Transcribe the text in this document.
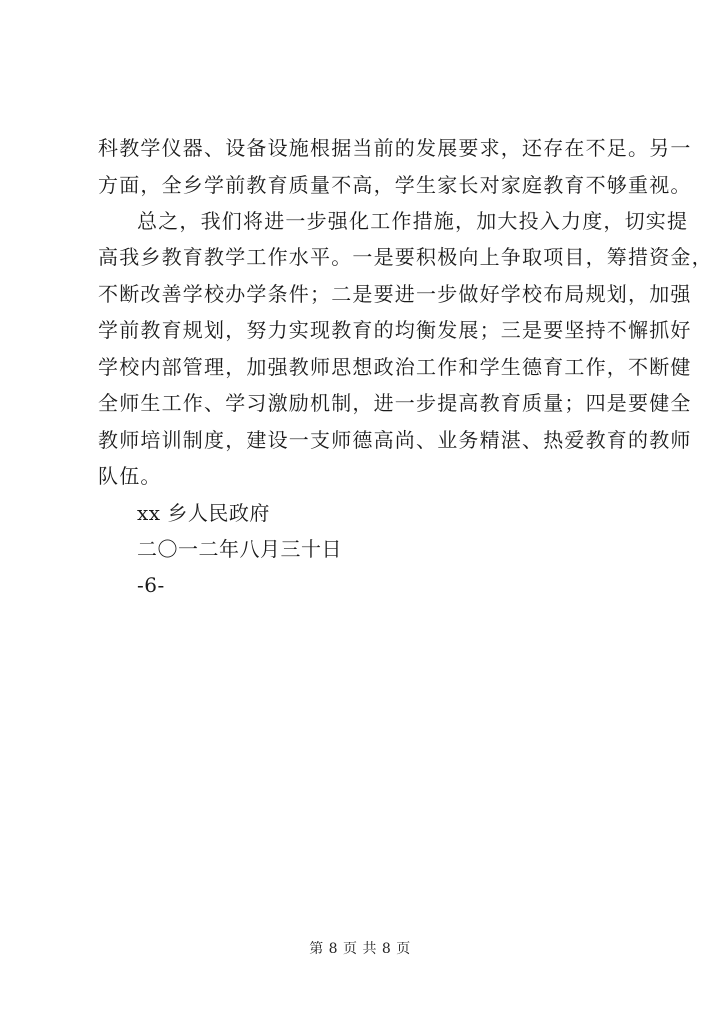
科教学仪器、设备设施根据当前的发展要求，还存在不足。另一
方面，全乡学前教育质量不高，学生家长对家庭教育不够重视。
总之，我们将进一步强化工作措施，加大投入力度，切实提
高我乡教育教学工作水平。一是要积极向上争取项目，筹措资金，
不断改善学校办学条件；二是要进一步做好学校布局规划，加强
学前教育规划，努力实现教育的均衡发展；三是要坚持不懈抓好
学校内部管理，加强教师思想政治工作和学生德育工作，不断健
全师生工作、学习激励机制，进一步提高教育质量；四是要健全
教师培训制度，建设一支师德高尚、业务精湛、热爱教育的教师
队伍。
xx 乡人民政府
二〇一二年八月三十日
-6-
第 8 页 共 8 页
